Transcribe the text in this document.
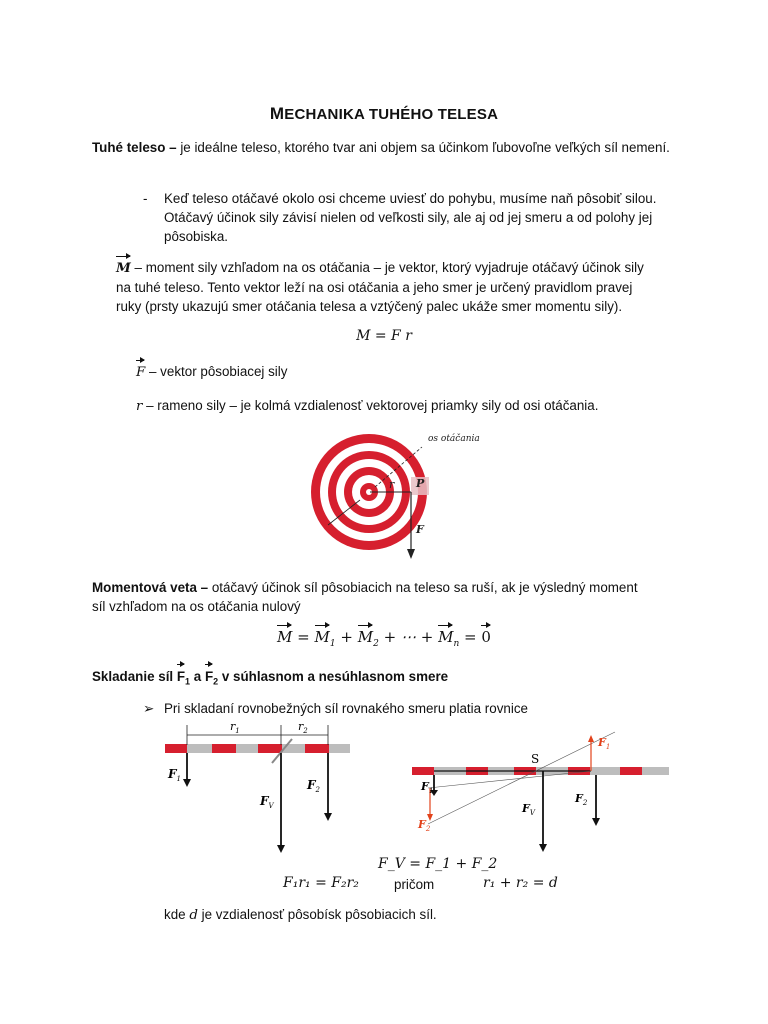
MECHANIKA TUHÉHO TELESA
Tuhé teleso – je ideálne teleso, ktorého tvar ani objem sa účinkom ľubovoľne veľkých síl nemení.
- Keď teleso otáčavé okolo osi chceme uviesť do pohybu, musíme naň pôsobiť silou.
Otáčavý účinok sily závisí nielen od veľkosti sily, ale aj od jej smeru a od polohy jej
pôsobiska.
M – moment sily vzhľadom na os otáčania – je vektor, ktorý vyjadruje otáčavý účinok sily
na tuhé teleso. Tento vektor leží na osi otáčania a jeho smer je určený pravidlom pravej
ruky (prsty ukazujú smer otáčania telesa a vztýčený palec ukáže smer momentu sily).
M = F r
F – vektor pôsobiacej sily
r – rameno sily – je kolmá vzdialenosť vektorovej priamky sily od osi otáčania.
os otáčania
r P
F
Momentová veta – otáčavý účinok síl pôsobiacich na teleso sa ruší, ak je výsledný moment
síl vzhľadom na os otáčania nulový
$M = M_1 + M_2$ + ⋯ + $M_n = 0$
Skladanie síl $F_1$ a $F_2$ v súhlasnom a nesúhlasnom smere
➢ Pri skladaní rovnobežných síl rovnakého smeru platia rovnice
$r_1$	$r_2$
$F_1$
$F_V$
$F_2$
S
$F_1$
$F_1$
$F_2$
$F_V$
$F_2$
F_V = F_1 + F_2
F₁r₁ = F₂r₂	pričom	r₁ + r₂ = d
kde d je vzdialenosť pôsobísk pôsobiacich síl.
